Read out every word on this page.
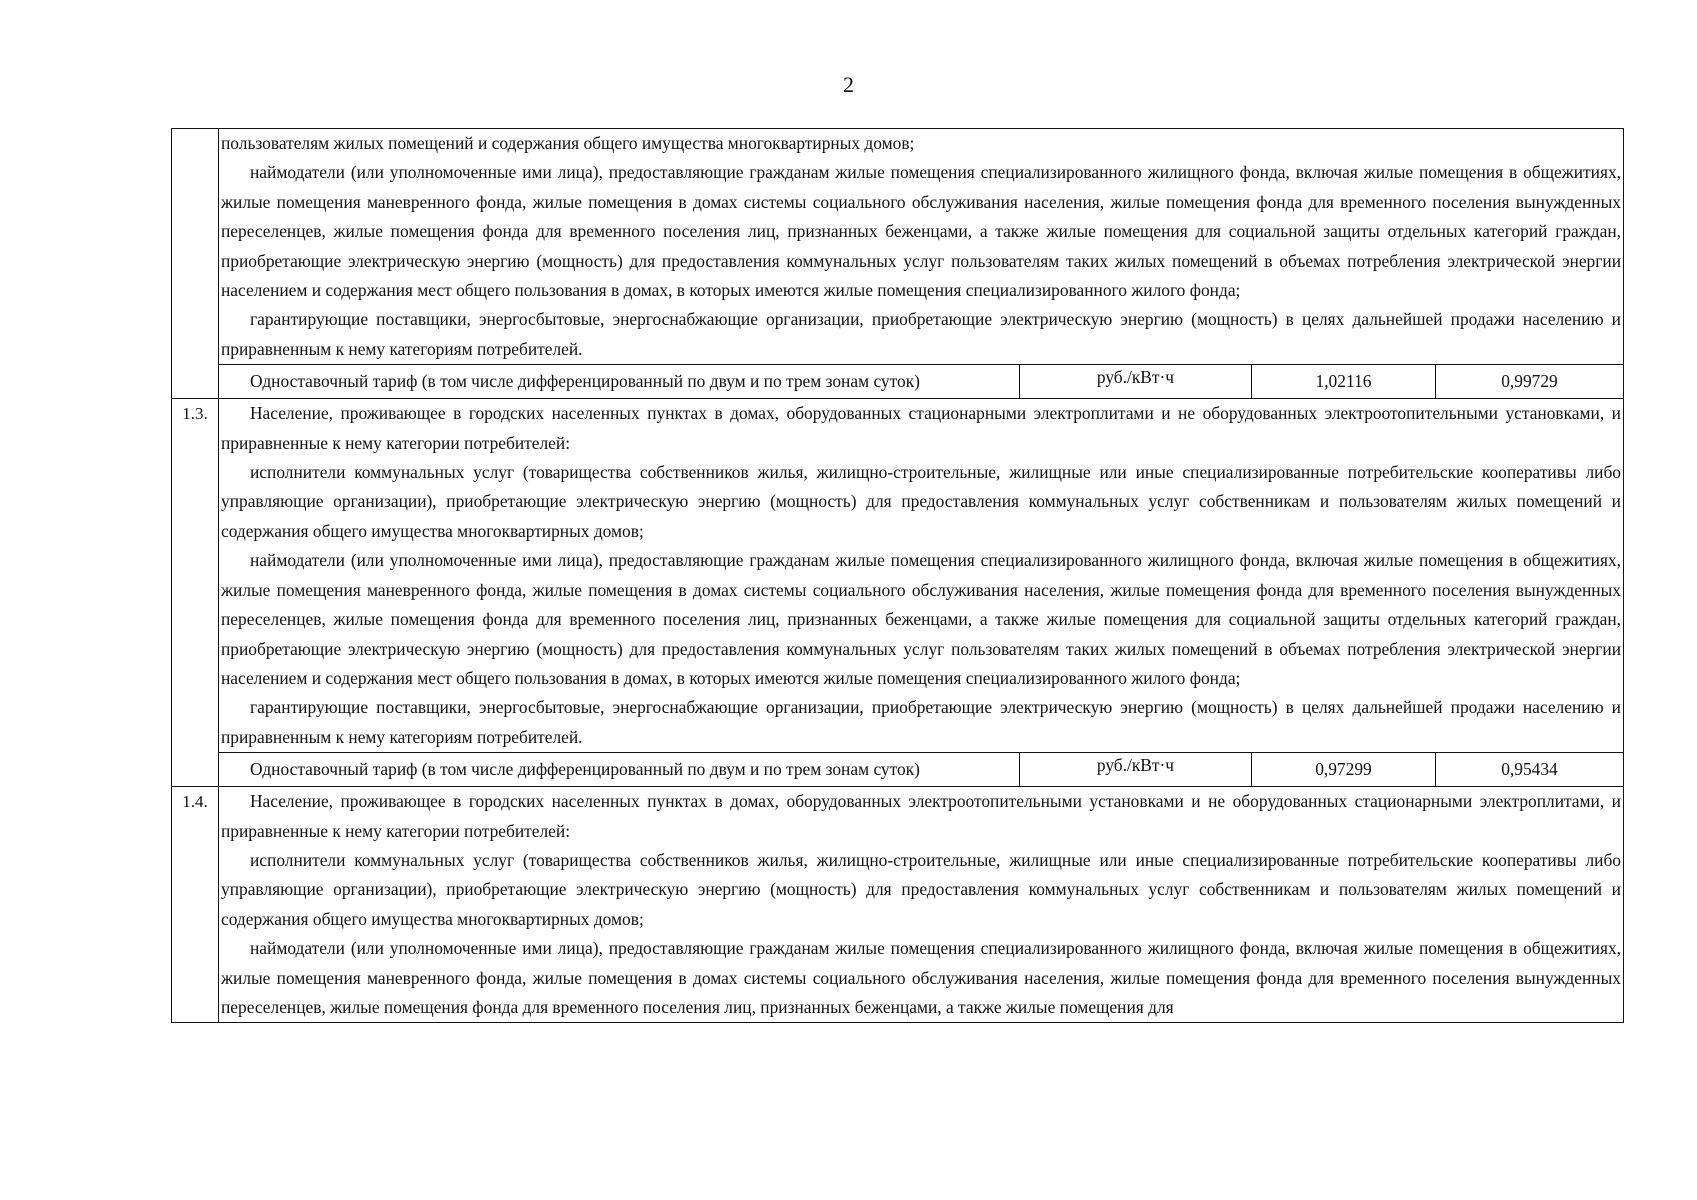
2

	пользователям жилых помещений и содержания общего имущества многоквартирных домов;
наймодатели (или уполномоченные ими лица), предоставляющие гражданам жилые помещения специализированного жилищного фонда, включая жилые помещения в общежитиях, жилые помещения маневренного фонда, жилые помещения в домах системы социального обслуживания населения, жилые помещения фонда для временного поселения вынужденных переселенцев, жилые помещения фонда для временного поселения лиц, признанных беженцами, а также жилые помещения для социальной защиты отдельных категорий граждан, приобретающие электрическую энергию (мощность) для предоставления коммунальных услуг пользователям таких жилых помещений в объемах потребления электрической энергии населением и содержания мест общего пользования в домах, в которых имеются жилые помещения специализированного жилого фонда;
гарантирующие поставщики, энергосбытовые, энергоснабжающие организации, приобретающие электрическую энергию (мощность) в целях дальнейшей продажи населению и приравненным к нему категориям потребителей.			

	Одноставочный тариф (в том числе дифференцированный по двум и по трем зонам суток)	руб./кВт·ч	1,02116	0,99729
1.3.	Население, проживающее в городских населенных пунктах в домах, оборудованных стационарными электроплитами и не оборудованных электроотопительными установками, и приравненные к нему категории потребителей:
исполнители коммунальных услуг (товарищества собственников жилья, жилищно-строительные, жилищные или иные специализированные потребительские кооперативы либо управляющие организации), приобретающие электрическую энергию (мощность) для предоставления коммунальных услуг собственникам и пользователям жилых помещений и содержания общего имущества многоквартирных домов;
наймодатели (или уполномоченные ими лица), предоставляющие гражданам жилые помещения специализированного жилищного фонда, включая жилые помещения в общежитиях, жилые помещения маневренного фонда, жилые помещения в домах системы социального обслуживания населения, жилые помещения фонда для временного поселения вынужденных переселенцев, жилые помещения фонда для временного поселения лиц, признанных беженцами, а также жилые помещения для социальной защиты отдельных категорий граждан, приобретающие электрическую энергию (мощность) для предоставления коммунальных услуг пользователям таких жилых помещений в объемах потребления электрической энергии населением и содержания мест общего пользования в домах, в которых имеются жилые помещения специализированного жилого фонда;
гарантирующие поставщики, энергосбытовые, энергоснабжающие организации, приобретающие электрическую энергию (мощность) в целях дальнейшей продажи населению и приравненным к нему категориям потребителей.			

	Одноставочный тариф (в том числе дифференцированный по двум и по трем зонам суток)	руб./кВт·ч	0,97299	0,95434
1.4.	Население, проживающее в городских населенных пунктах в домах, оборудованных электроотопительными установками и не оборудованных стационарными электроплитами, и приравненные к нему категории потребителей:
исполнители коммунальных услуг (товарищества собственников жилья, жилищно-строительные, жилищные или иные специализированные потребительские кооперативы либо управляющие организации), приобретающие электрическую энергию (мощность) для предоставления коммунальных услуг собственникам и пользователям жилых помещений и содержания общего имущества многоквартирных домов;
наймодатели (или уполномоченные ими лица), предоставляющие гражданам жилые помещения специализированного жилищного фонда, включая жилые помещения в общежитиях, жилые помещения маневренного фонда, жилые помещения в домах системы социального обслуживания населения, жилые помещения фонда для временного поселения вынужденных переселенцев, жилые помещения фонда для временного поселения лиц, признанных беженцами, а также жилые помещения для			
